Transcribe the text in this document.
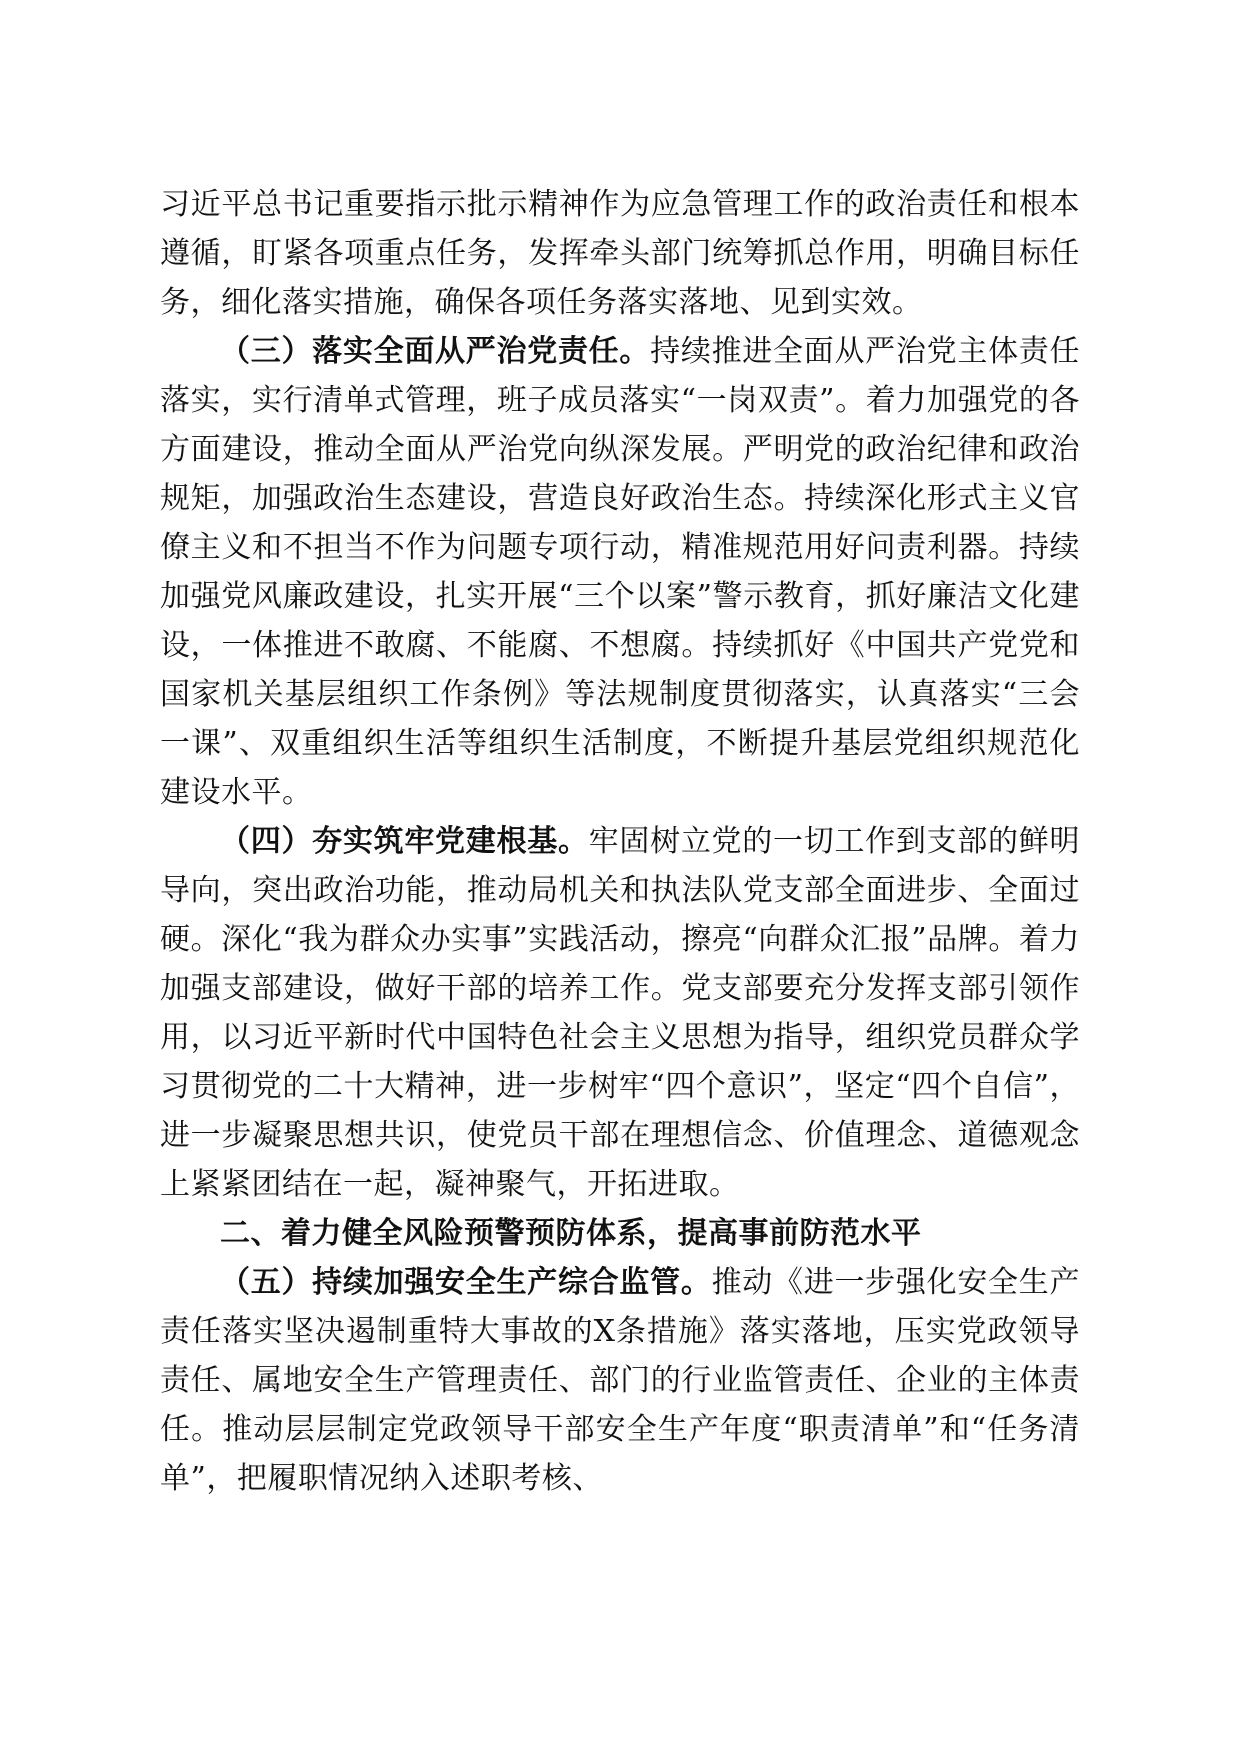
习近平总书记重要指示批示精神作为应急管理工作的政治责任和根本遵循，盯紧各项重点任务，发挥牵头部门统筹抓总作用，明确目标任务，细化落实措施，确保各项任务落实落地、见到实效。

（三）落实全面从严治党责任。持续推进全面从严治党主体责任落实，实行清单式管理，班子成员落实“一岗双责”。着力加强党的各方面建设，推动全面从严治党向纵深发展。严明党的政治纪律和政治规矩，加强政治生态建设，营造良好政治生态。持续深化形式主义官僚主义和不担当不作为问题专项行动，精准规范用好问责利器。持续加强党风廉政建设，扎实开展“三个以案”警示教育，抓好廉洁文化建设，一体推进不敢腐、不能腐、不想腐。持续抓好《中国共产党党和国家机关基层组织工作条例》等法规制度贯彻落实，认真落实“三会一课”、双重组织生活等组织生活制度，不断提升基层党组织规范化建设水平。

（四）夯实筑牢党建根基。牢固树立党的一切工作到支部的鲜明导向，突出政治功能，推动局机关和执法队党支部全面进步、全面过硬。深化“我为群众办实事”实践活动，擦亮“向群众汇报”品牌。着力加强支部建设，做好干部的培养工作。党支部要充分发挥支部引领作用，以习近平新时代中国特色社会主义思想为指导，组织党员群众学习贯彻党的二十大精神，进一步树牢“四个意识”，坚定“四个自信”，进一步凝聚思想共识，使党员干部在理想信念、价值理念、道德观念上紧紧团结在一起，凝神聚气，开拓进取。

二、着力健全风险预警预防体系，提高事前防范水平

（五）持续加强安全生产综合监管。推动《进一步强化安全生产责任落实坚决遏制重特大事故的X条措施》落实落地，压实党政领导责任、属地安全生产管理责任、部门的行业监管责任、企业的主体责任。推动层层制定党政领导干部安全生产年度“职责清单”和“任务清单”，把履职情况纳入述职考核、
